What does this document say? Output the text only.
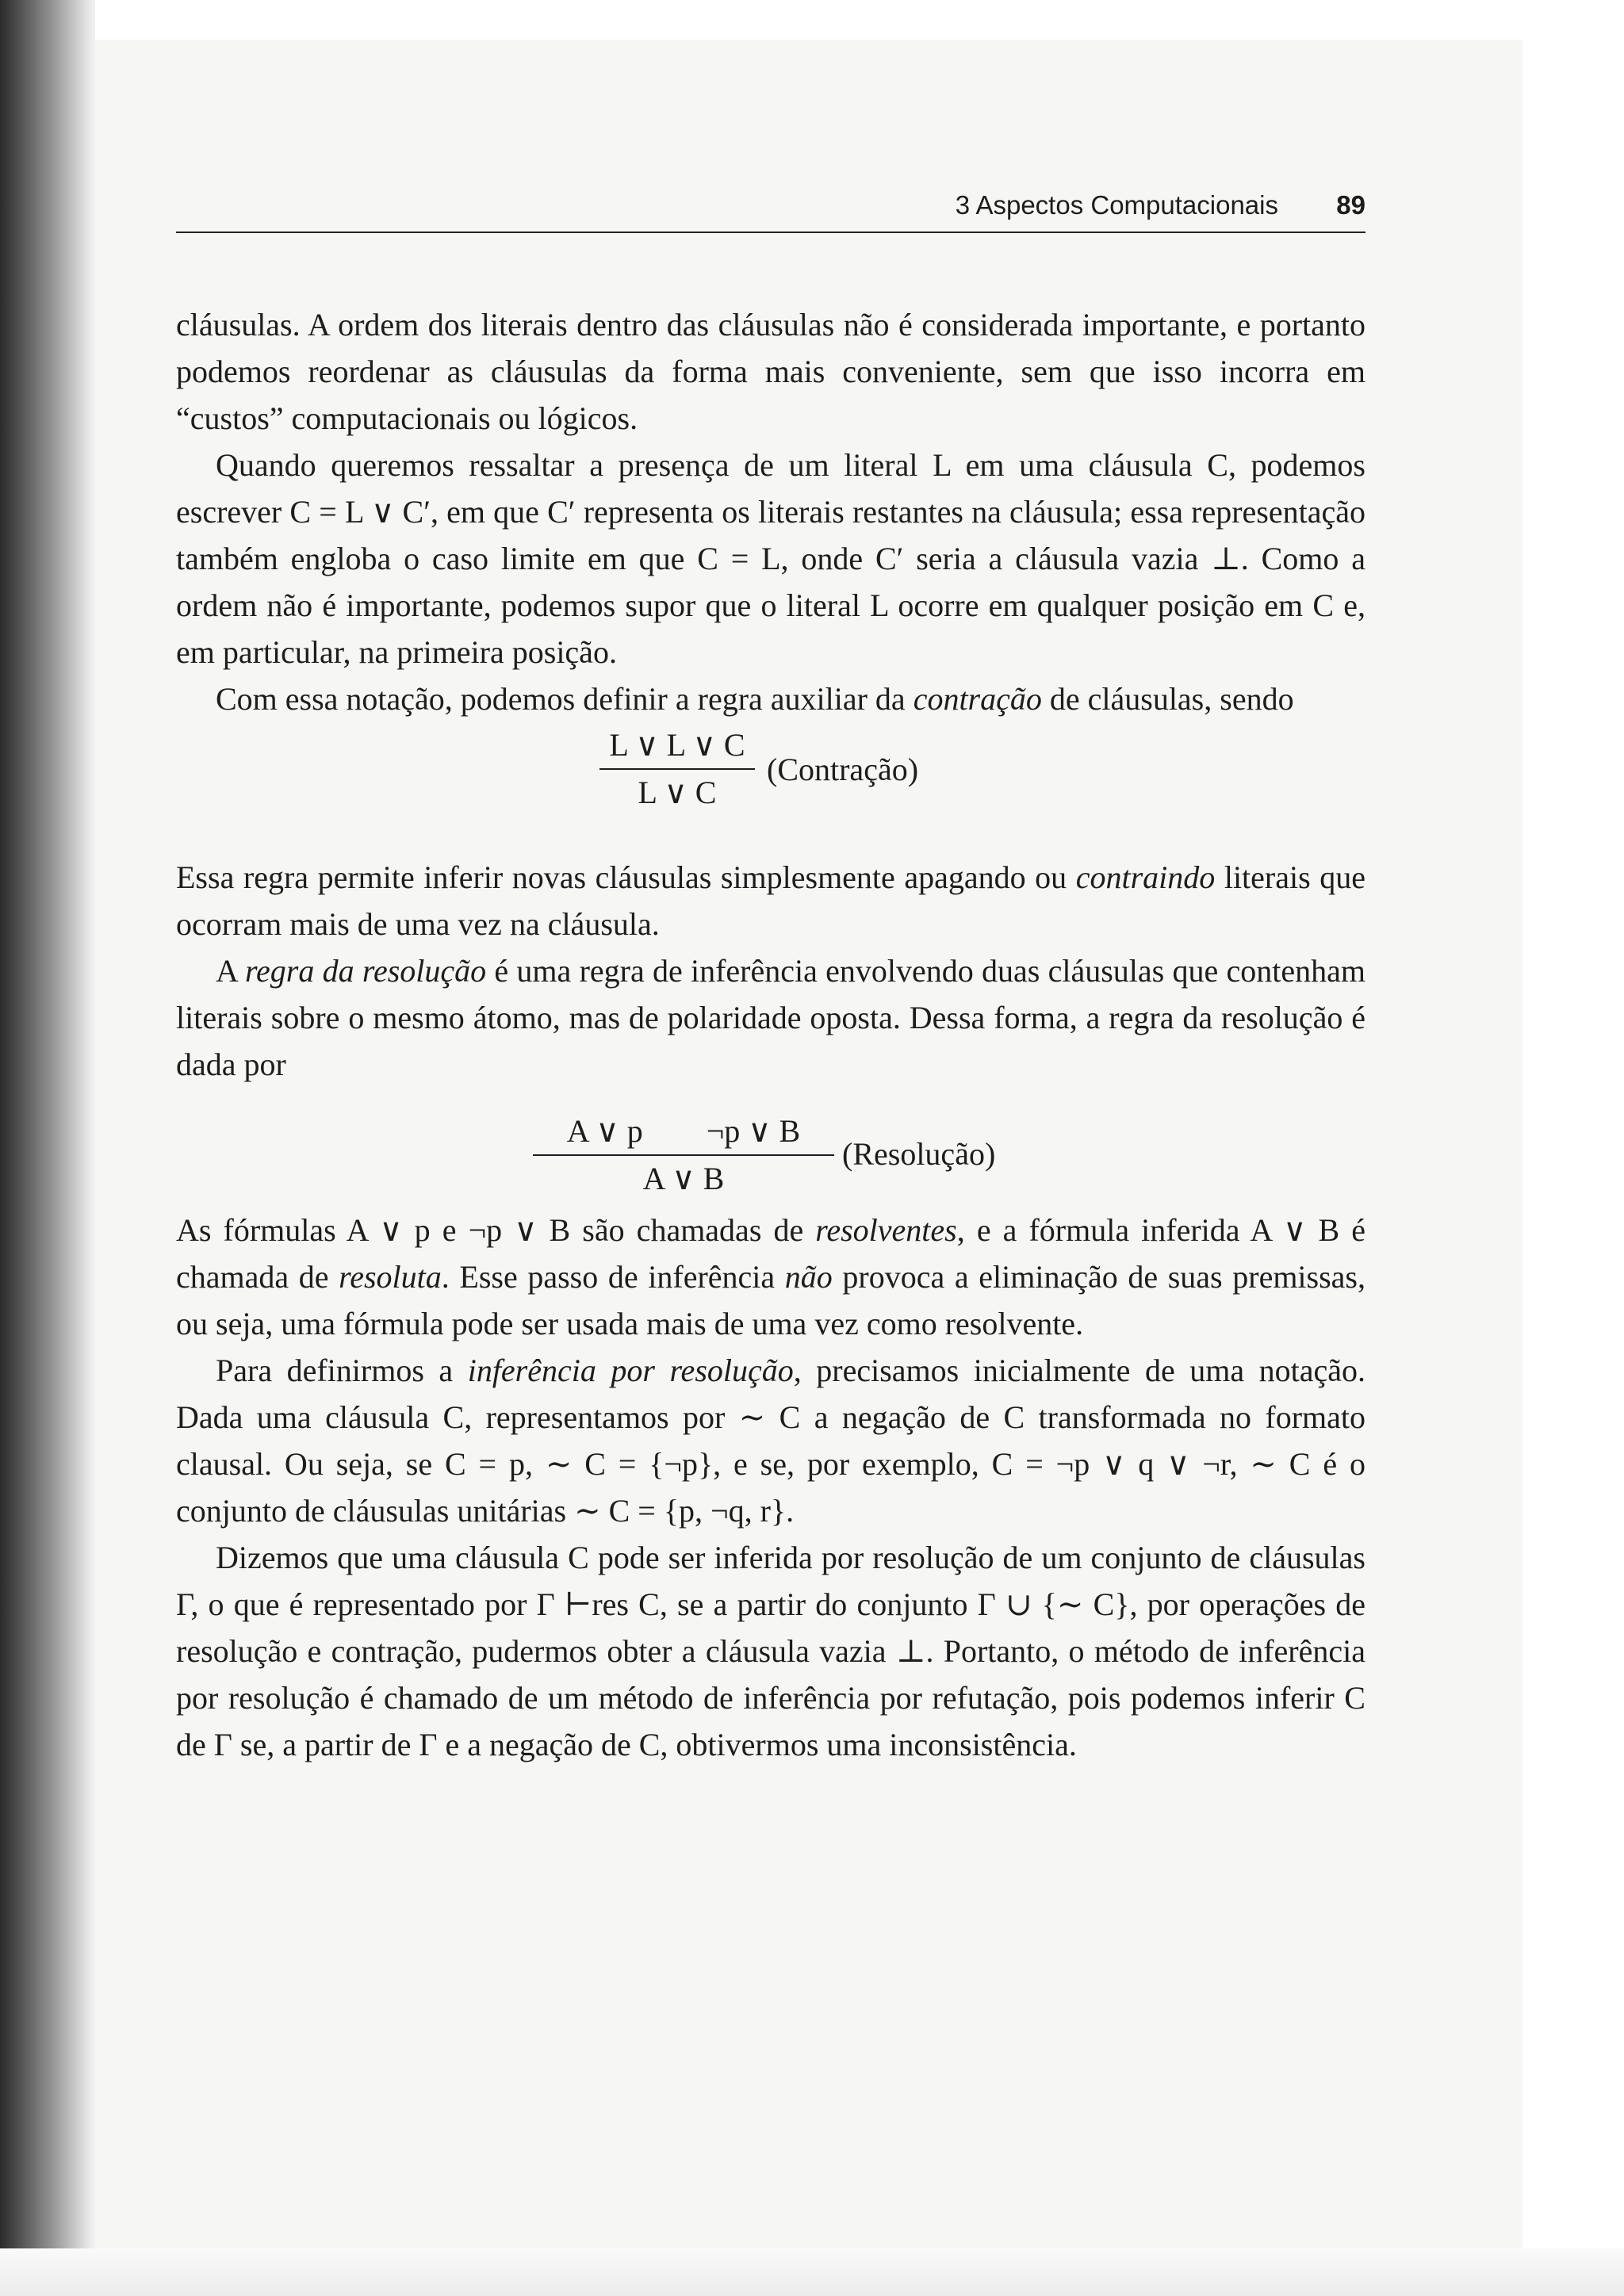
3 Aspectos Computacionais 89

cláusulas. A ordem dos literais dentro das cláusulas não é considerada importante, e portanto podemos reordenar as cláusulas da forma mais conveniente, sem que isso incorra em “custos” computacionais ou lógicos.

Quando queremos ressaltar a presença de um literal L em uma cláusula C, podemos escrever C = L ∨ C′, em que C′ representa os literais restantes na cláusula; essa representação também engloba o caso limite em que C = L, onde C′ seria a cláusula vazia ⊥. Como a ordem não é importante, podemos supor que o literal L ocorre em qualquer posição em C e, em particular, na primeira posição.

Com essa notação, podemos definir a regra auxiliar da contração de cláusulas, sendo

L ∨ L ∨ C
L ∨ C
(Contração)

Essa regra permite inferir novas cláusulas simplesmente apagando ou contraindo literais que ocorram mais de uma vez na cláusula.

A regra da resolução é uma regra de inferência envolvendo duas cláusulas que contenham literais sobre o mesmo átomo, mas de polaridade oposta. Dessa forma, a regra da resolução é dada por

A ∨ p        ¬p ∨ B
A ∨ B
(Resolução)

As fórmulas A ∨ p e ¬p ∨ B são chamadas de resolventes, e a fórmula inferida A ∨ B é chamada de resoluta. Esse passo de inferência não provoca a eliminação de suas premissas, ou seja, uma fórmula pode ser usada mais de uma vez como resolvente.

Para definirmos a inferência por resolução, precisamos inicialmente de uma notação. Dada uma cláusula C, representamos por ∼ C a negação de C transformada no formato clausal. Ou seja, se C = p, ∼ C = {¬p}, e se, por exemplo, C = ¬p ∨ q ∨ ¬r, ∼ C é o conjunto de cláusulas unitárias ∼ C = {p, ¬q, r}.

Dizemos que uma cláusula C pode ser inferida por resolução de um conjunto de cláusulas Γ, o que é representado por Γ ⊢res C, se a partir do conjunto Γ ∪ {∼ C}, por operações de resolução e contração, pudermos obter a cláusula vazia ⊥. Portanto, o método de inferência por resolução é chamado de um método de inferência por refutação, pois podemos inferir C de Γ se, a partir de Γ e a negação de C, obtivermos uma inconsistência.
